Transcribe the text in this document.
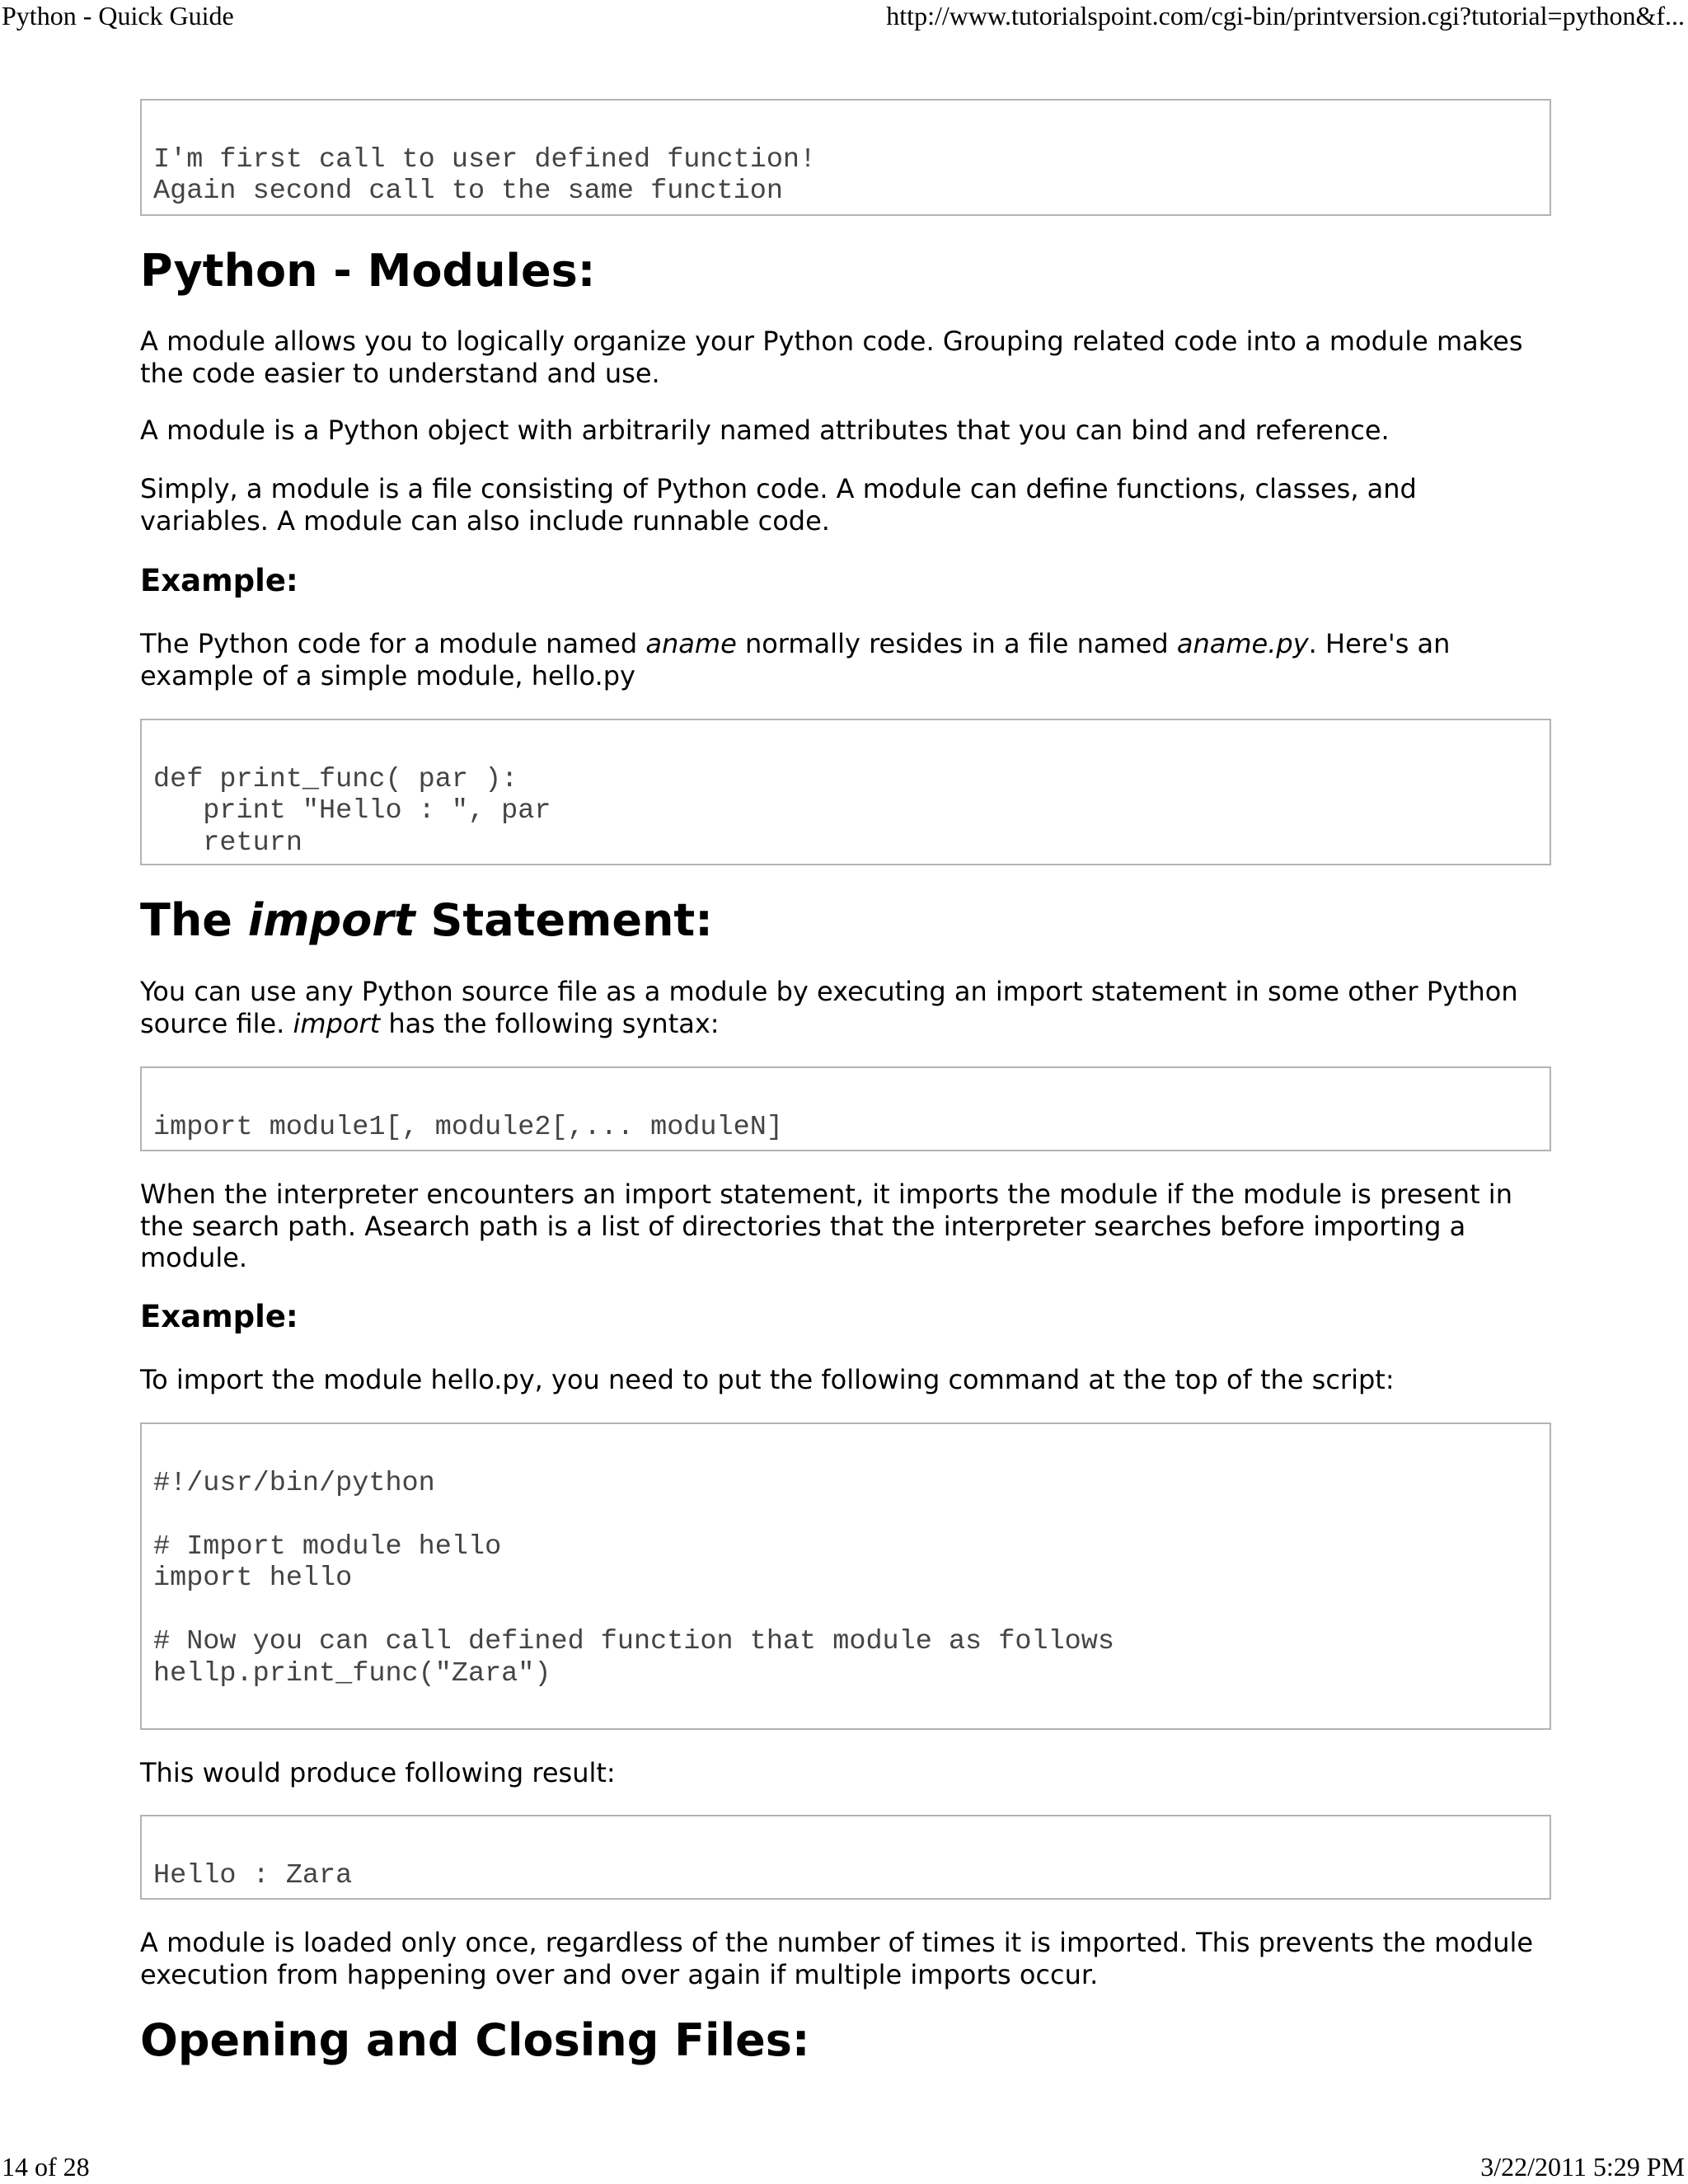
Python - Quick Guide	http://www.tutorialspoint.com/cgi-bin/printversion.cgi?tutorial=python&f...

I'm first call to user defined function!
Again second call to the same function
Python - Modules:

A module allows you to logically organize your Python code. Grouping related code into a module makes the code easier to understand and use.

A module is a Python object with arbitrarily named attributes that you can bind and reference.

Simply, a module is a file consisting of Python code. A module can define functions, classes, and variables. A module can also include runnable code.

Example:

The Python code for a module named aname normally resides in a file named aname.py. Here's an example of a simple module, hello.py

def print_func( par ):
print "Hello : ", par
return
The import Statement:

You can use any Python source file as a module by executing an import statement in some other Python source file. import has the following syntax:

import module1[, module2[,... moduleN]

When the interpreter encounters an import statement, it imports the module if the module is present in the search path. Asearch path is a list of directories that the interpreter searches before importing a module.

Example:

To import the module hello.py, you need to put the following command at the top of the script:

#!/usr/bin/python

# Import module hello
import hello

# Now you can call defined function that module as follows
hellp.print_func("Zara")

This would produce following result:

Hello : Zara

A module is loaded only once, regardless of the number of times it is imported. This prevents the module execution from happening over and over again if multiple imports occur.

Opening and Closing Files:
14 of 28	3/22/2011 5:29 PM
